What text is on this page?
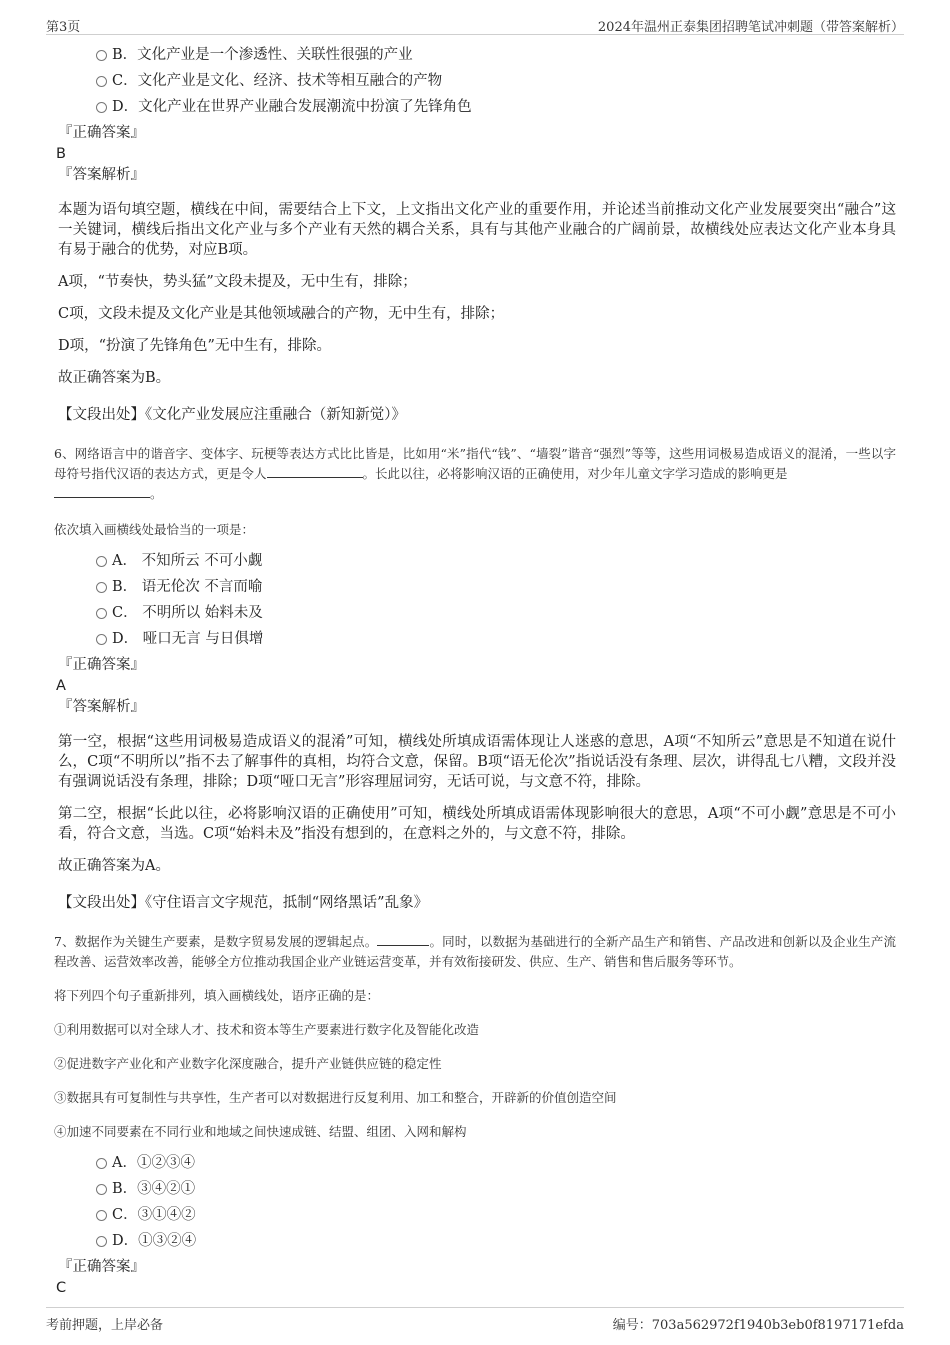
第3页	2024年温州正泰集团招聘笔试冲刺题（带答案解析）
B．文化产业是一个渗透性、关联性很强的产业
C．文化产业是文化、经济、技术等相互融合的产物
D．文化产业在世界产业融合发展潮流中扮演了先锋角色
『正确答案』
B
『答案解析』
本题为语句填空题，横线在中间，需要结合上下文，上文指出文化产业的重要作用，并论述当前推动文化产业发展要突出“融合”这一关键词，横线后指出文化产业与多个产业有天然的耦合关系，具有与其他产业融合的广阔前景，故横线处应表达文化产业本身具有易于融合的优势，对应B项。
A项，“节奏快，势头猛”文段未提及，无中生有，排除；
C项，文段未提及文化产业是其他领域融合的产物，无中生有，排除；
D项，“扮演了先锋角色”无中生有，排除。
故正确答案为B。
【文段出处】《文化产业发展应注重融合（新知新觉）》
6、网络语言中的谐音字、变体字、玩梗等表达方式比比皆是，比如用“米”指代“钱”、“墙裂”谐音“强烈”等等，这些用词极易造成语义的混淆，一些以字母符号指代汉语的表达方式，更是令人	。长此以往，必将影响汉语的正确使用，对少年儿童文字学习造成的影响更是
。
依次填入画横线处最恰当的一项是：
A． 不知所云 不可小觑
B． 语无伦次 不言而喻
C． 不明所以 始料未及
D． 哑口无言 与日俱增
『正确答案』
A
『答案解析』
第一空，根据“这些用词极易造成语义的混淆”可知，横线处所填成语需体现让人迷惑的意思，A项“不知所云”意思是不知道在说什么，C项“不明所以”指不去了解事件的真相，均符合文意，保留。B项“语无伦次”指说话没有条理、层次，讲得乱七八糟，文段并没有强调说话没有条理，排除；D项“哑口无言”形容理屈词穷，无话可说，与文意不符，排除。
第二空，根据“长此以往，必将影响汉语的正确使用”可知，横线处所填成语需体现影响很大的意思，A项“不可小觑”意思是不可小看，符合文意，当选。C项“始料未及”指没有想到的，在意料之外的，与文意不符，排除。
故正确答案为A。
【文段出处】《守住语言文字规范，抵制“网络黑话”乱象》
7、数据作为关键生产要素，是数字贸易发展的逻辑起点。	。同时，以数据为基础进行的全新产品生产和销售、产品改进和创新以及企业生产流程改善、运营效率改善，能够全方位推动我国企业产业链运营变革，并有效衔接研发、供应、生产、销售和售后服务等环节。
将下列四个句子重新排列，填入画横线处，语序正确的是：
①利用数据可以对全球人才、技术和资本等生产要素进行数字化及智能化改造
②促进数字产业化和产业数字化深度融合，提升产业链供应链的稳定性
③数据具有可复制性与共享性，生产者可以对数据进行反复利用、加工和整合，开辟新的价值创造空间
④加速不同要素在不同行业和地域之间快速成链、结盟、组团、入网和解构
A．①②③④
B．③④②①
C．③①④②
D．①③②④
『正确答案』
C
考前押题，上岸必备	编号：703a562972f1940b3eb0f8197171efda
